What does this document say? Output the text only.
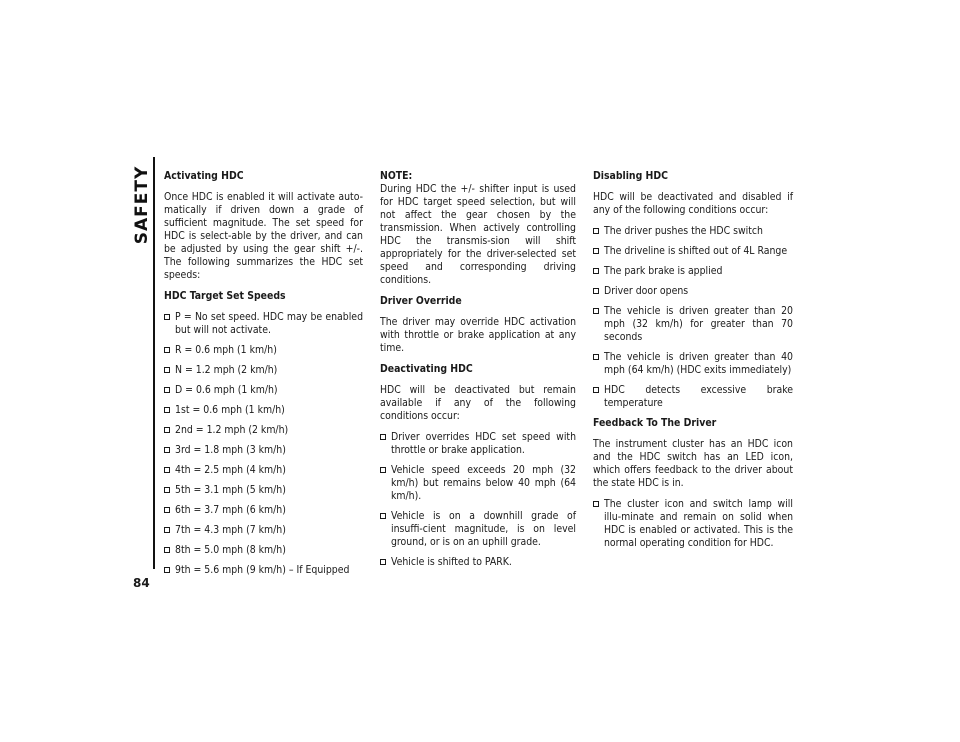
SAFETY
84
Activating HDC

Once HDC is enabled it will activate auto-matically if driven down a grade of sufficient magnitude. The set speed for HDC is select-able by the driver, and can be adjusted by using the gear shift +/-. The following summarizes the HDC set speeds:

HDC Target Set Speeds
P = No set speed. HDC may be enabled but will not activate.
R = 0.6 mph (1 km/h)
N = 1.2 mph (2 km/h)
D = 0.6 mph (1 km/h)
1st = 0.6 mph (1 km/h)
2nd = 1.2 mph (2 km/h)
3rd = 1.8 mph (3 km/h)
4th = 2.5 mph (4 km/h)
5th = 3.1 mph (5 km/h)
6th = 3.7 mph (6 km/h)
7th = 4.3 mph (7 km/h)
8th = 5.0 mph (8 km/h)
9th = 5.6 mph (9 km/h) – If Equipped

NOTE:
During HDC the +/- shifter input is used for HDC target speed selection, but will not affect the gear chosen by the transmission. When actively controlling HDC the transmis-sion will shift appropriately for the driver-selected set speed and corresponding driving conditions.

Driver Override

The driver may override HDC activation with throttle or brake application at any time.

Deactivating HDC

HDC will be deactivated but remain available if any of the following conditions occur:

Driver overrides HDC set speed with throttle or brake application.
Vehicle speed exceeds 20 mph (32 km/h) but remains below 40 mph (64 km/h).
Vehicle is on a downhill grade of insuffi-cient magnitude, is on level ground, or is on an uphill grade.
Vehicle is shifted to PARK.
Disabling HDC

HDC will be deactivated and disabled if any of the following conditions occur:

The driver pushes the HDC switch
The driveline is shifted out of 4L Range
The park brake is applied
Driver door opens
The vehicle is driven greater than 20 mph (32 km/h) for greater than 70 seconds
The vehicle is driven greater than 40 mph (64 km/h) (HDC exits immediately)
HDC detects excessive brake temperature
Feedback To The Driver

The instrument cluster has an HDC icon and the HDC switch has an LED icon, which offers feedback to the driver about the state HDC is in.

The cluster icon and switch lamp will illu-minate and remain on solid when HDC is enabled or activated. This is the normal operating condition for HDC.
